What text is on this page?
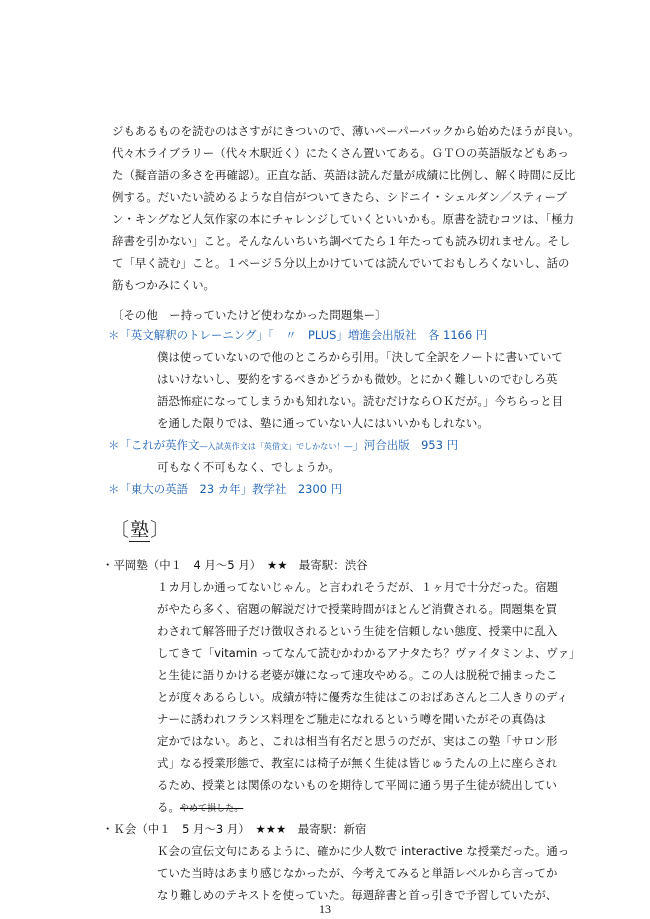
ジもあるものを読むのはさすがにきついので、薄いペーパーバックから始めたほうが良い。
代々木ライブラリー（代々木駅近く）にたくさん置いてある。ＧＴＯの英語版などもあっ
た（擬音語の多さを再確認）。正直な話、英語は読んだ量が成績に比例し、解く時間に反比
例する。だいたい読めるような自信がついてきたら、シドニイ・シェルダン／スティーブ
ン・キングなど人気作家の本にチャレンジしていくといいかも。原書を読むコツは、「極力
辞書を引かない」こと。そんなんいちいち調べてたら１年たっても読み切れません。そし
て「早く読む」こと。１ページ５分以上かけていては読んでいておもしろくないし、話の
筋もつかみにくい。
〔その他　ー持っていたけど使わなかった問題集ー〕
＊「英文解釈のトレーニング」「　〃　PLUS」増進会出版社　各 1166 円
僕は使っていないので他のところから引用。「決して全訳をノートに書いていて
はいけないし、要約をするべきかどうかも微妙。とにかく難しいのでむしろ英
語恐怖症になってしまうかも知れない。読むだけならＯＫだが。」今ちらっと目
を通した限りでは、塾に通っていない人にはいいかもしれない。
＊「これが英作文―入試英作文は「英借文」でしかない！―」河合出版　953 円
可もなく不可もなく、でしょうか。
＊「東大の英語　23 カ年」教学社　2300 円
〔塾〕
・平岡塾（中１　4 月～5 月）　★★　最寄駅：渋谷
１カ月しか通ってないじゃん。と言われそうだが、１ヶ月で十分だった。宿題
がやたら多く、宿題の解説だけで授業時間がほとんど消費される。問題集を買
わされて解答冊子だけ徴収されるという生徒を信頼しない態度、授業中に乱入
してきて「vitamin ってなんて読むかわかるアナタたち？ヴァイタミンよ、ヴァ」
と生徒に語りかける老婆が嫌になって速攻やめる。この人は脱税で捕まったこ
とが度々あるらしい。成績が特に優秀な生徒はこのおばあさんと二人きりのディ
ナーに誘われフランス料理をご馳走になれるという噂を聞いたがその真偽は
定かではない。あと、これは相当有名だと思うのだが、実はこの塾「サロン形
式」なる授業形態で、教室には椅子が無く生徒は皆じゅうたんの上に座らされ
るため、授業とは関係のないものを期待して平岡に通う男子生徒が続出してい
る。やめて損した。
・Ｋ会（中１　5 月～3 月）　★★★　最寄駅：新宿
Ｋ会の宣伝文句にあるように、確かに少人数で interactive な授業だった。通っ
ていた当時はあまり感じなかったが、今考えてみると単語レベルから言ってか
なり難しめのテキストを使っていた。毎週辞書と首っ引きで予習していたが、
13
